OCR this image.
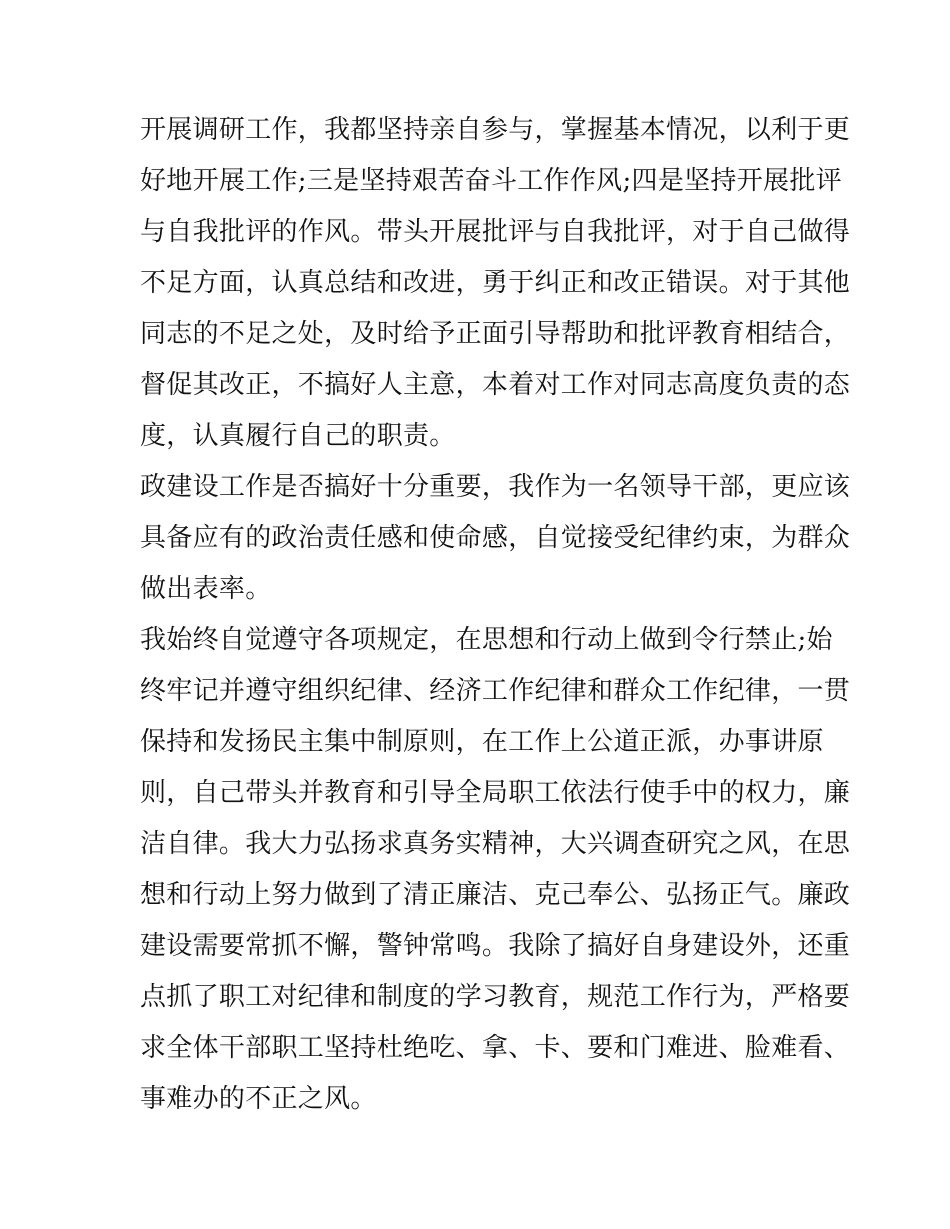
开展调研工作，我都坚持亲自参与，掌握基本情况，以利于更
好地开展工作;三是坚持艰苦奋斗工作作风;四是坚持开展批评
与自我批评的作风。带头开展批评与自我批评，对于自己做得
不足方面，认真总结和改进，勇于纠正和改正错误。对于其他
同志的不足之处，及时给予正面引导帮助和批评教育相结合，
督促其改正，不搞好人主意，本着对工作对同志高度负责的态
度，认真履行自己的职责。
政建设工作是否搞好十分重要，我作为一名领导干部，更应该
具备应有的政治责任感和使命感，自觉接受纪律约束，为群众
做出表率。
我始终自觉遵守各项规定，在思想和行动上做到令行禁止;始
终牢记并遵守组织纪律、经济工作纪律和群众工作纪律，一贯
保持和发扬民主集中制原则，在工作上公道正派，办事讲原
则，自己带头并教育和引导全局职工依法行使手中的权力，廉
洁自律。我大力弘扬求真务实精神，大兴调查研究之风，在思
想和行动上努力做到了清正廉洁、克己奉公、弘扬正气。廉政
建设需要常抓不懈，警钟常鸣。我除了搞好自身建设外，还重
点抓了职工对纪律和制度的学习教育，规范工作行为，严格要
求全体干部职工坚持杜绝吃、拿、卡、要和门难进、脸难看、
事难办的不正之风。
